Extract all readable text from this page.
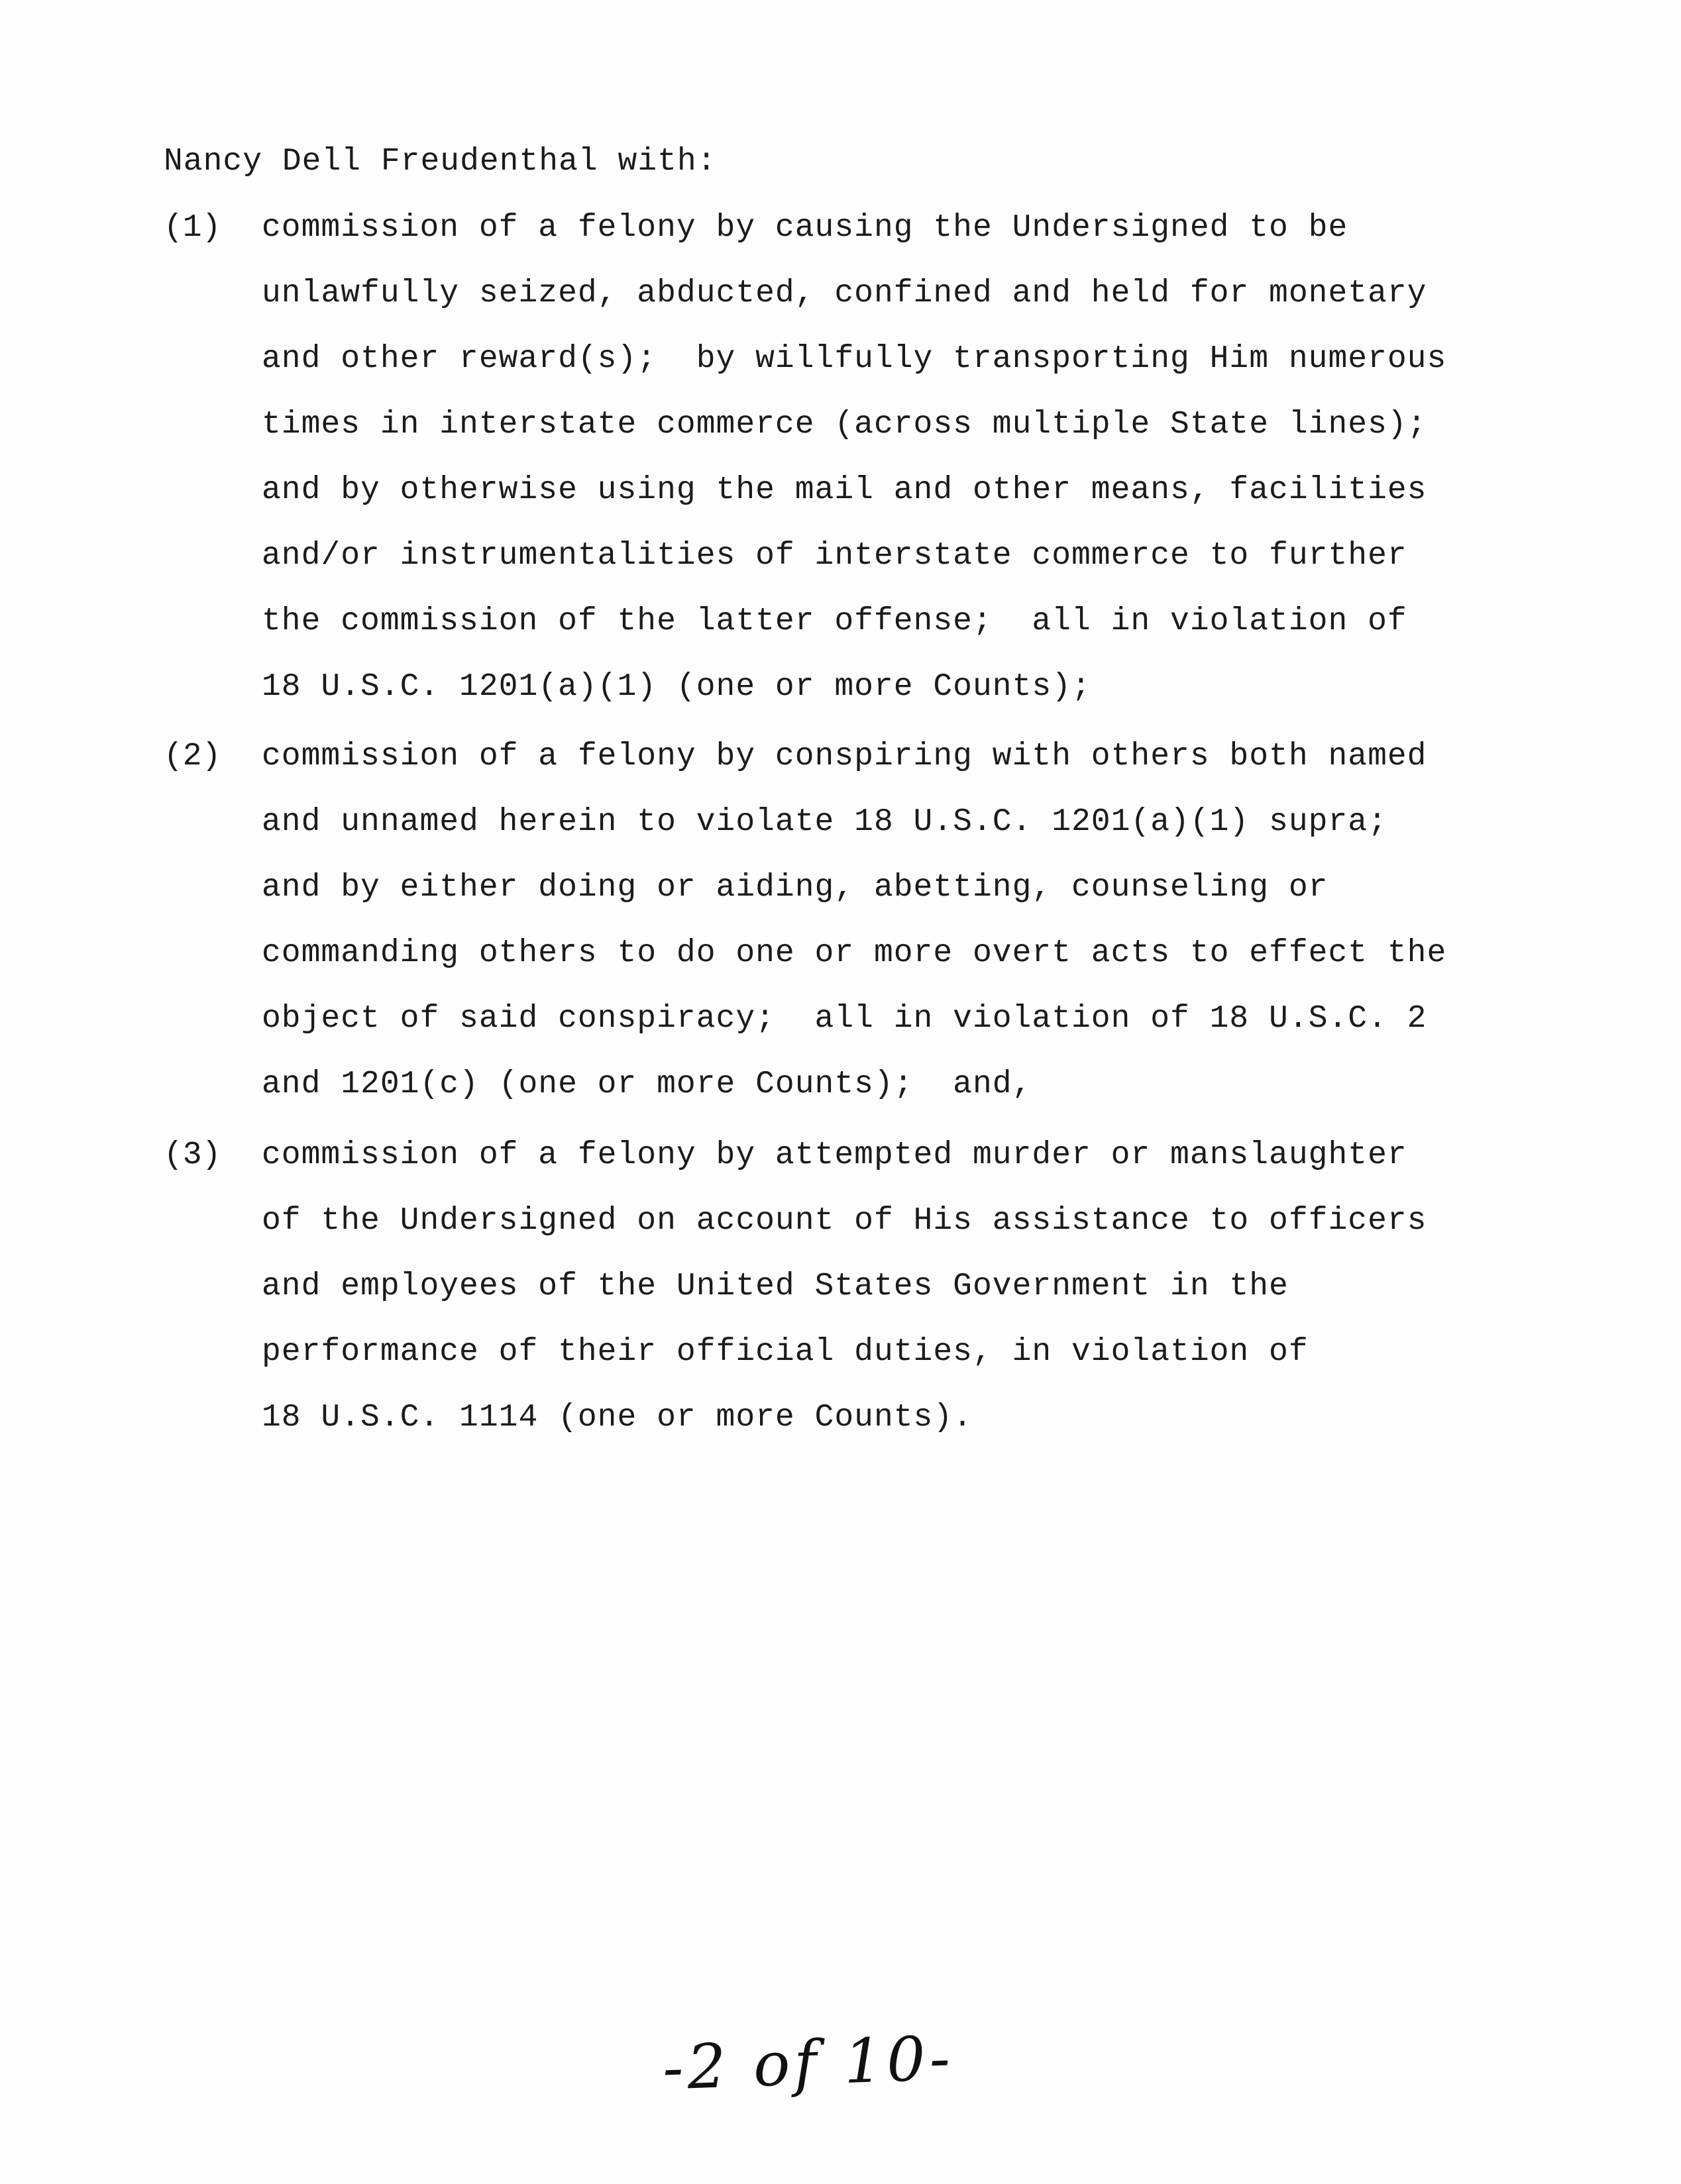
Nancy Dell Freudenthal with:
(1) commission of a felony by causing the Undersigned to be
unlawfully seized, abducted, confined and held for monetary
and other reward(s);  by willfully transporting Him numerous
times in interstate commerce (across multiple State lines);
and by otherwise using the mail and other means, facilities
and/or instrumentalities of interstate commerce to further
the commission of the latter offense;  all in violation of
18 U.S.C. 1201(a)(1) (one or more Counts);
(2) commission of a felony by conspiring with others both named
and unnamed herein to violate 18 U.S.C. 1201(a)(1) supra;
and by either doing or aiding, abetting, counseling or
commanding others to do one or more overt acts to effect the
object of said conspiracy;  all in violation of 18 U.S.C. 2
and 1201(c) (one or more Counts);  and,
(3) commission of a felony by attempted murder or manslaughter
of the Undersigned on account of His assistance to officers
and employees of the United States Government in the
performance of their official duties, in violation of
18 U.S.C. 1114 (one or more Counts).
-2 of 10-
